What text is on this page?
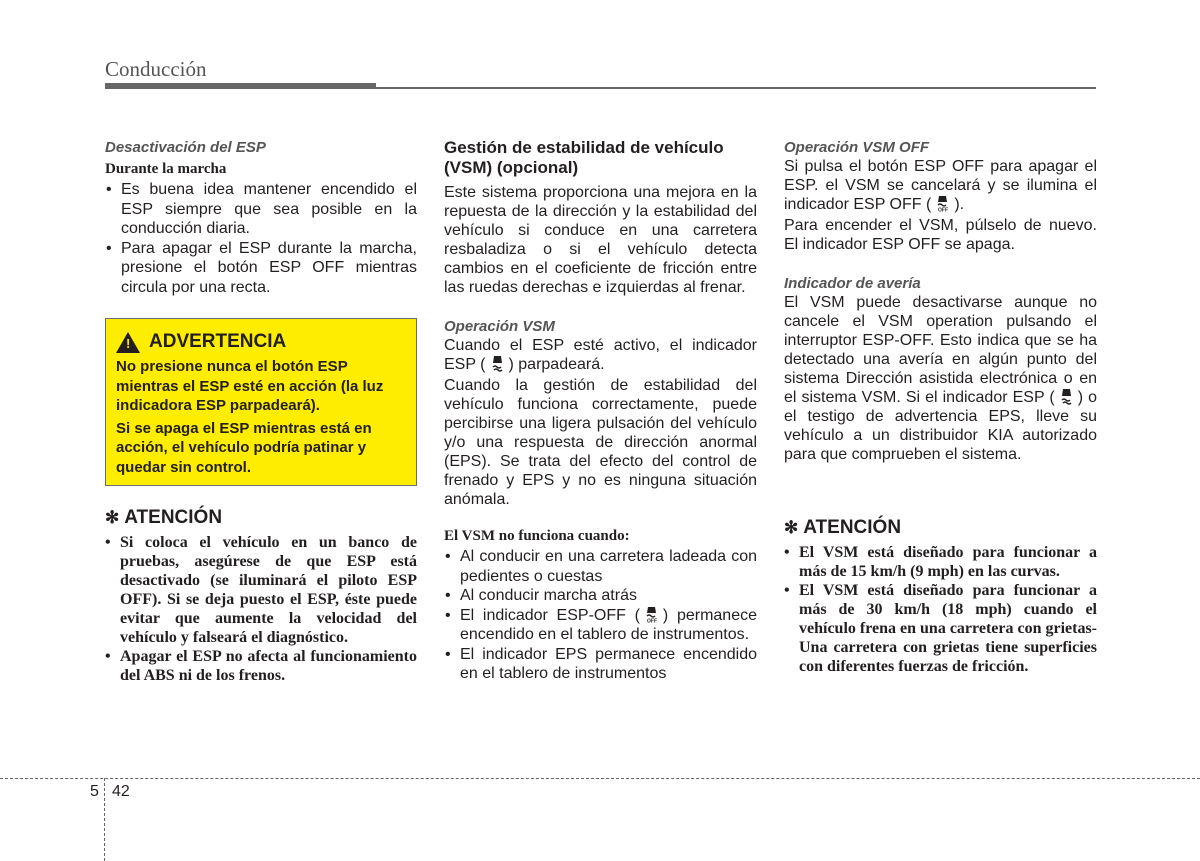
Conducción

Desactivación del ESP

Durante la marcha

• Es buena idea mantener encendido el ESP siempre que sea posible en la conducción diaria.
• Para apagar el ESP durante la marcha, presione el botón ESP OFF mientras circula por una recta.
! ADVERTENCIA

No presione nunca el botón ESP mientras el ESP esté en acción (la luz indicadora ESP parpadeará).

Si se apaga el ESP mientras está en acción, el vehículo podría patinar y quedar sin control.

✻ ATENCIÓN
• Si coloca el vehículo en un banco de pruebas, asegúrese de que ESP está desactivado (se iluminará el piloto ESP OFF). Si se deja puesto el ESP, éste puede evitar que aumente la velocidad del vehículo y falseará el diagnóstico.
• Apagar el ESP no afecta al funcionamiento del ABS ni de los frenos.

Gestión de estabilidad de vehículo (VSM) (opcional)

Este sistema proporciona una mejora en la repuesta de la dirección y la estabilidad del vehículo si conduce en una carretera resbaladiza o si el vehículo detecta cambios en el coeficiente de fricción entre las ruedas derechas e izquierdas al frenar.

Operación VSM

Cuando el ESP esté activo, el indicador ESP ( ) parpadeará.

Cuando la gestión de estabilidad del vehículo funciona correctamente, puede percibirse una ligera pulsación del vehículo y/o una respuesta de dirección anormal (EPS). Se trata del efecto del control de frenado y EPS y no es ninguna situación anómala.

El VSM no funciona cuando:

• Al conducir en una carretera ladeada con pedientes o cuestas
• Al conducir marcha atrás
• El indicador ESP-OFF ( OFF ) permanece encendido en el tablero de instrumentos.
• El indicador EPS permanece encendido en el tablero de instrumentos

Operación VSM OFF

Si pulsa el botón ESP OFF para apagar el ESP. el VSM se cancelará y se ilumina el indicador ESP OFF ( OFF ).

Para encender el VSM, púlselo de nuevo. El indicador ESP OFF se apaga.

Indicador de avería

El VSM puede desactivarse aunque no cancele el VSM operation pulsando el interruptor ESP-OFF. Esto indica que se ha detectado una avería en algún punto del sistema Dirección asistida electrónica o en el sistema VSM. Si el indicador ESP ( ) o el testigo de advertencia EPS, lleve su vehículo a un distribuidor KIA autorizado para que comprueben el sistema.

✻ ATENCIÓN
• El VSM está diseñado para funcionar a más de 15 km/h (9 mph) en las curvas.
• El VSM está diseñado para funcionar a más de 30 km/h (18 mph) cuando el vehículo frena en una carretera con grietas- Una carretera con grietas tiene superficies con diferentes fuerzas de fricción.
5 42
